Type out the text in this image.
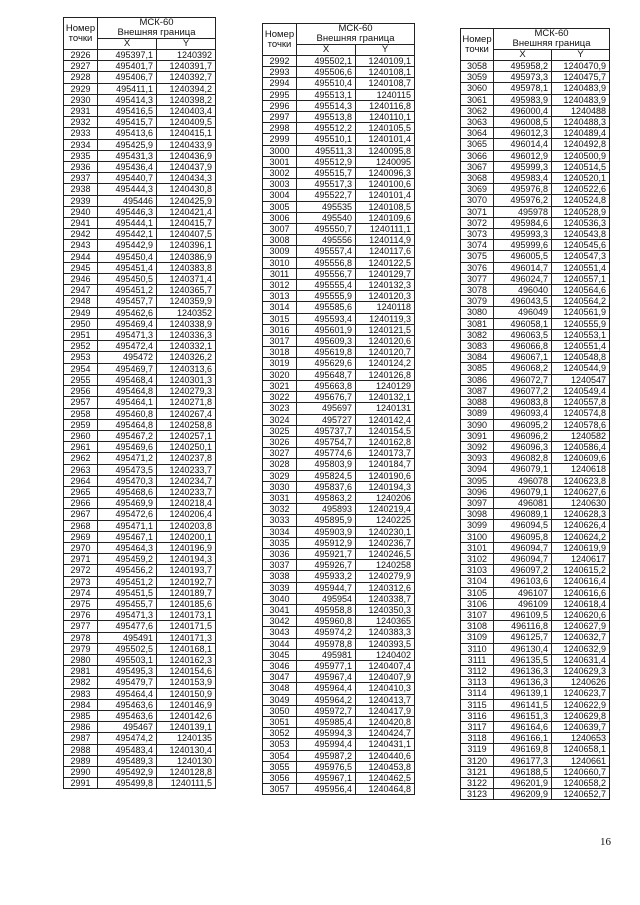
Номер точки	МСК-60
Внешняя граница	

	X	Y
2926	495397,1	1240392
2927	495401,7	1240391,7
2928	495406,7	1240392,7
2929	495411,1	1240394,2
2930	495414,3	1240398,2
2931	495416,5	1240403,4
2932	495415,7	1240409,5
2933	495413,6	1240415,1
2934	495425,9	1240433,9
2935	495431,3	1240436,9
2936	495436,4	1240437,9
2937	495440,7	1240434,3
2938	495444,3	1240430,8
2939	495446	1240425,9
2940	495446,3	1240421,4
2941	495444,1	1240415,7
2942	495442,1	1240407,5
2943	495442,9	1240396,1
2944	495450,4	1240386,9
2945	495451,4	1240383,8
2946	495450,5	1240371,4
2947	495451,2	1240365,7
2948	495457,7	1240359,9
2949	495462,6	1240352
2950	495469,4	1240338,9
2951	495471,3	1240336,3
2952	495472,4	1240332,1
2953	495472	1240326,2
2954	495469,7	1240313,6
2955	495468,4	1240301,3
2956	495464,8	1240279,3
2957	495464,1	1240271,8
2958	495460,8	1240267,4
2959	495464,8	1240258,8
2960	495467,2	1240257,1
2961	495469,6	1240250,1
2962	495471,2	1240237,8
2963	495473,5	1240233,7
2964	495470,3	1240234,7
2965	495468,6	1240233,7
2966	495469,9	1240218,4
2967	495472,6	1240206,4
2968	495471,1	1240203,8
2969	495467,1	1240200,1
2970	495464,3	1240196,9
2971	495459,2	1240194,3
2972	495456,2	1240193,7
2973	495451,2	1240192,7
2974	495451,5	1240189,7
2975	495455,7	1240185,6
2976	495471,3	1240173,1
2977	495477,6	1240171,5
2978	495491	1240171,3
2979	495502,5	1240168,1
2980	495503,1	1240162,3
2981	495495,3	1240154,6
2982	495479,7	1240153,9
2983	495464,4	1240150,9
2984	495463,6	1240146,9
2985	495463,6	1240142,6
2986	495467	1240139,1
2987	495474,2	1240135
2988	495483,4	1240130,4
2989	495489,3	1240130
2990	495492,9	1240128,8
2991	495499,8	1240111,5
Номер точки	МСК-60
Внешняя граница	

	X	Y
2992	495502,1	1240109,1
2993	495506,6	1240108,1
2994	495510,4	1240108,7
2995	495513,1	1240115
2996	495514,3	1240116,8
2997	495513,8	1240110,1
2998	495512,2	1240105,5
2999	495510,1	1240101,4
3000	495511,3	1240095,8
3001	495512,9	1240095
3002	495515,7	1240096,3
3003	495517,3	1240100,6
3004	495522,7	1240101,4
3005	495535	1240108,5
3006	495540	1240109,6
3007	495550,7	1240111,1
3008	495556	1240114,9
3009	495557,4	1240117,6
3010	495556,8	1240122,5
3011	495556,7	1240129,7
3012	495555,4	1240132,3
3013	495555,9	1240120,3
3014	495585,6	1240118
3015	495593,4	1240119,3
3016	495601,9	1240121,5
3017	495609,3	1240120,6
3018	495619,8	1240120,7
3019	495629,6	1240124,2
3020	495648,7	1240126,8
3021	495663,8	1240129
3022	495676,7	1240132,1
3023	495697	1240131
3024	495727	1240142,4
3025	495737,7	1240154,5
3026	495754,7	1240162,8
3027	495774,6	1240173,7
3028	495803,9	1240184,7
3029	495824,5	1240190,6
3030	495837,6	1240194,3
3031	495863,2	1240206
3032	495893	1240219,4
3033	495895,9	1240225
3034	495903,9	1240230,1
3035	495912,9	1240236,7
3036	495921,7	1240246,5
3037	495926,7	1240258
3038	495933,2	1240279,9
3039	495944,7	1240312,6
3040	495954	1240338,7
3041	495958,8	1240350,3
3042	495960,8	1240365
3043	495974,2	1240383,3
3044	495978,8	1240393,5
3045	495981	1240402
3046	495977,1	1240407,4
3047	495967,4	1240407,9
3048	495964,4	1240410,3
3049	495964,2	1240413,7
3050	495972,7	1240417,9
3051	495985,4	1240420,8
3052	495994,3	1240424,7
3053	495994,4	1240431,1
3054	495987,2	1240440,6
3055	495976,5	1240453,8
3056	495967,1	1240462,5
3057	495956,4	1240464,8
Номер точки	МСК-60
Внешняя граница	

	X	Y
3058	495958,2	1240470,9
3059	495973,3	1240475,7
3060	495978,1	1240483,9
3061	495983,9	1240483,9
3062	496000,4	1240488
3063	496008,5	1240488,3
3064	496012,3	1240489,4
3065	496014,4	1240492,8
3066	496012,9	1240500,9
3067	495999,3	1240514,5
3068	495983,4	1240520,1
3069	495976,8	1240522,6
3070	495976,2	1240524,8
3071	495978	1240528,9
3072	495984,6	1240536,3
3073	495993,3	1240543,8
3074	495999,6	1240545,6
3075	496005,5	1240547,3
3076	496014,7	1240551,4
3077	496024,7	1240557,1
3078	496040	1240564,6
3079	496043,5	1240564,2
3080	496049	1240561,9
3081	496058,1	1240555,9
3082	496063,5	1240553,1
3083	496066,8	1240551,4
3084	496067,1	1240548,8
3085	496068,2	1240544,9
3086	496072,7	1240547
3087	496077,2	1240549,4
3088	496083,8	1240557,8
3089	496093,4	1240574,8
3090	496095,2	1240578,6
3091	496096,2	1240582
3092	496096,3	1240586,4
3093	496082,8	1240609,6
3094	496079,1	1240618
3095	496078	1240623,8
3096	496079,1	1240627,6
3097	496081	1240630
3098	496089,1	1240628,3
3099	496094,5	1240626,4
3100	496095,8	1240624,2
3101	496094,7	1240619,9
3102	496094,7	1240617
3103	496097,2	1240615,2
3104	496103,6	1240616,4
3105	496107	1240616,6
3106	496109	1240618,4
3107	496109,5	1240620,6
3108	496116,8	1240627,9
3109	496125,7	1240632,7
3110	496130,4	1240632,9
3111	496135,5	1240631,4
3112	496136,3	1240629,3
3113	496136,3	1240626
3114	496139,1	1240623,7
3115	496141,5	1240622,9
3116	496151,3	1240629,8
3117	496164,6	1240639,7
3118	496166,1	1240653
3119	496169,8	1240658,1
3120	496177,3	1240661
3121	496188,5	1240660,7
3122	496201,9	1240658,2
3123	496209,9	1240652,7
16
